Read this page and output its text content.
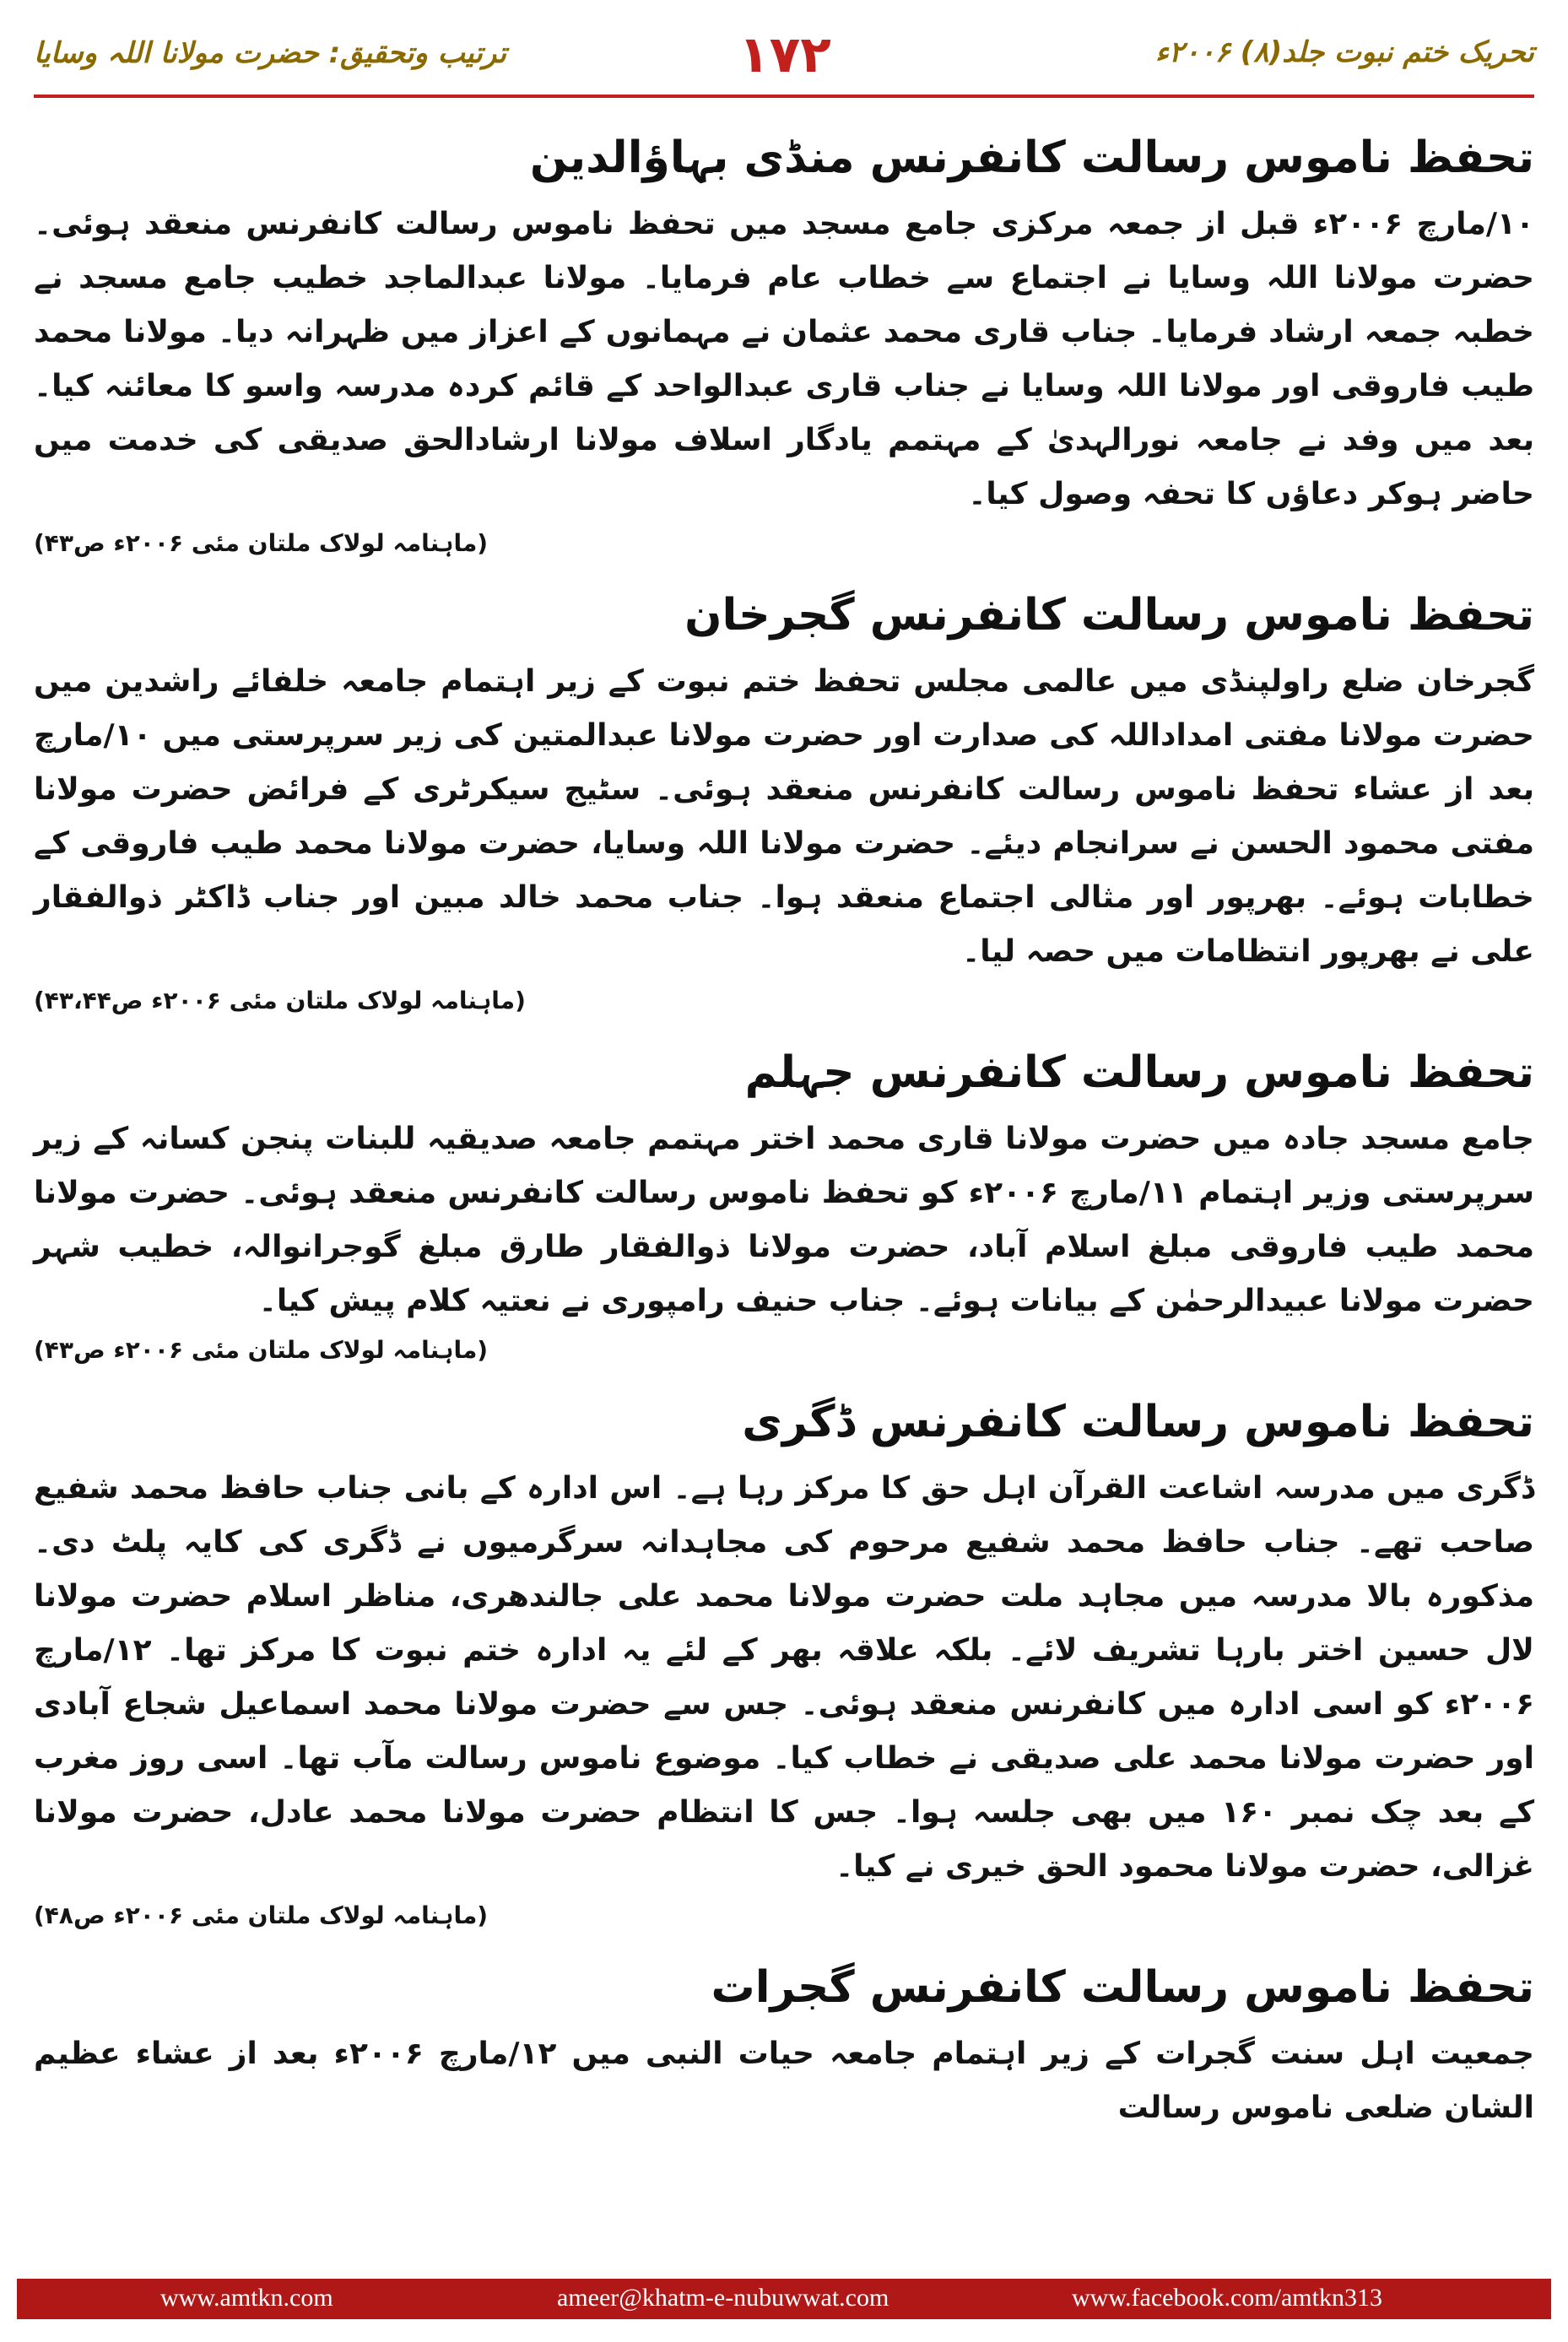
تحریک ختم نبوت جلد(۸) ۲۰۰۶ء
۱۷۲
ترتیب وتحقیق: حضرت مولانا اللہ وسایا
تحفظ ناموس رسالت کانفرنس منڈی بہاؤالدین

۱۰/مارچ ۲۰۰۶ء قبل از جمعہ مرکزی جامع مسجد میں تحفظ ناموس رسالت کانفرنس منعقد ہوئی۔ حضرت مولانا اللہ وسایا نے اجتماع سے خطاب عام فرمایا۔ مولانا عبدالماجد خطیب جامع مسجد نے خطبہ جمعہ ارشاد فرمایا۔ جناب قاری محمد عثمان نے مہمانوں کے اعزاز میں ظہرانہ دیا۔ مولانا محمد طیب فاروقی اور مولانا اللہ وسایا نے جناب قاری عبدالواحد کے قائم کردہ مدرسہ واسو کا معائنہ کیا۔ بعد میں وفد نے جامعہ نورالہدیٰ کے مہتمم یادگار اسلاف مولانا ارشادالحق صدیقی کی خدمت میں حاضر ہوکر دعاؤں کا تحفہ وصول کیا۔

(ماہنامہ لولاک ملتان مئی ۲۰۰۶ء ص۴۳)
تحفظ ناموس رسالت کانفرنس گجرخان

گجرخان ضلع راولپنڈی میں عالمی مجلس تحفظ ختم نبوت کے زیر اہتمام جامعہ خلفائے راشدین میں حضرت مولانا مفتی امداداللہ کی صدارت اور حضرت مولانا عبدالمتین کی زیر سرپرستی میں ۱۰/مارچ بعد از عشاء تحفظ ناموس رسالت کانفرنس منعقد ہوئی۔ سٹیج سیکرٹری کے فرائض حضرت مولانا مفتی محمود الحسن نے سرانجام دیئے۔ حضرت مولانا اللہ وسایا، حضرت مولانا محمد طیب فاروقی کے خطابات ہوئے۔ بھرپور اور مثالی اجتماع منعقد ہوا۔ جناب محمد خالد مبین اور جناب ڈاکٹر ذوالفقار علی نے بھرپور انتظامات میں حصہ لیا۔

(ماہنامہ لولاک ملتان مئی ۲۰۰۶ء ص۴۳،۴۴)
تحفظ ناموس رسالت کانفرنس جہلم

جامع مسجد جادہ میں حضرت مولانا قاری محمد اختر مہتمم جامعہ صدیقیہ للبنات پنجن کسانہ کے زیر سرپرستی وزیر اہتمام ۱۱/مارچ ۲۰۰۶ء کو تحفظ ناموس رسالت کانفرنس منعقد ہوئی۔ حضرت مولانا محمد طیب فاروقی مبلغ اسلام آباد، حضرت مولانا ذوالفقار طارق مبلغ گوجرانوالہ، خطیب شہر حضرت مولانا عبیدالرحمٰن کے بیانات ہوئے۔ جناب حنیف رامپوری نے نعتیہ کلام پیش کیا۔

(ماہنامہ لولاک ملتان مئی ۲۰۰۶ء ص۴۳)
تحفظ ناموس رسالت کانفرنس ڈگری

ڈگری میں مدرسہ اشاعت القرآن اہل حق کا مرکز رہا ہے۔ اس ادارہ کے بانی جناب حافظ محمد شفیع صاحب تھے۔ جناب حافظ محمد شفیع مرحوم کی مجاہدانہ سرگرمیوں نے ڈگری کی کایہ پلٹ دی۔ مذکورہ بالا مدرسہ میں مجاہد ملت حضرت مولانا محمد علی جالندھری، مناظر اسلام حضرت مولانا لال حسین اختر بارہا تشریف لائے۔ بلکہ علاقہ بھر کے لئے یہ ادارہ ختم نبوت کا مرکز تھا۔ ۱۲/مارچ ۲۰۰۶ء کو اسی ادارہ میں کانفرنس منعقد ہوئی۔ جس سے حضرت مولانا محمد اسماعیل شجاع آبادی اور حضرت مولانا محمد علی صدیقی نے خطاب کیا۔ موضوع ناموس رسالت مآب تھا۔ اسی روز مغرب کے بعد چک نمبر ۱۶۰ میں بھی جلسہ ہوا۔ جس کا انتظام حضرت مولانا محمد عادل، حضرت مولانا غزالی، حضرت مولانا محمود الحق خیری نے کیا۔

(ماہنامہ لولاک ملتان مئی ۲۰۰۶ء ص۴۸)
تحفظ ناموس رسالت کانفرنس گجرات

جمعیت اہل سنت گجرات کے زیر اہتمام جامعہ حیات النبی میں ۱۲/مارچ ۲۰۰۶ء بعد از عشاء عظیم الشان ضلعی ناموس رسالت

www.amtkn.com	ameer@khatm-e-nubuwwat.com	www.facebook.com/amtkn313
